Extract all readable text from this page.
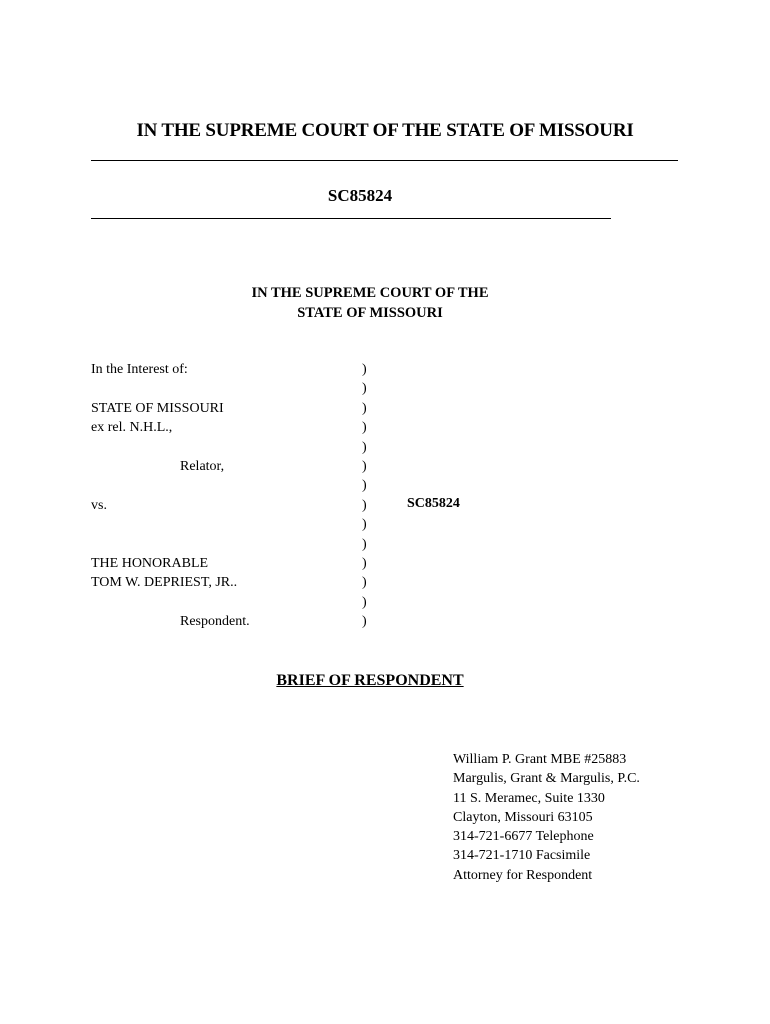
IN THE SUPREME COURT OF THE STATE OF MISSOURI
SC85824
IN THE SUPREME COURT OF THE
STATE OF MISSOURI
In the Interest of:
STATE OF MISSOURI
ex rel. N.H.L.,
Relator,
vs.
THE HONORABLE
TOM W. DEPRIEST, JR..
Respondent.
)
)
)
)
)
)
)
)
)
)
)
)
)
)
SC85824
BRIEF OF RESPONDENT
William P. Grant MBE #25883
Margulis, Grant & Margulis, P.C.
11 S. Meramec, Suite 1330
Clayton, Missouri 63105
314-721-6677 Telephone
314-721-1710 Facsimile
Attorney for Respondent
